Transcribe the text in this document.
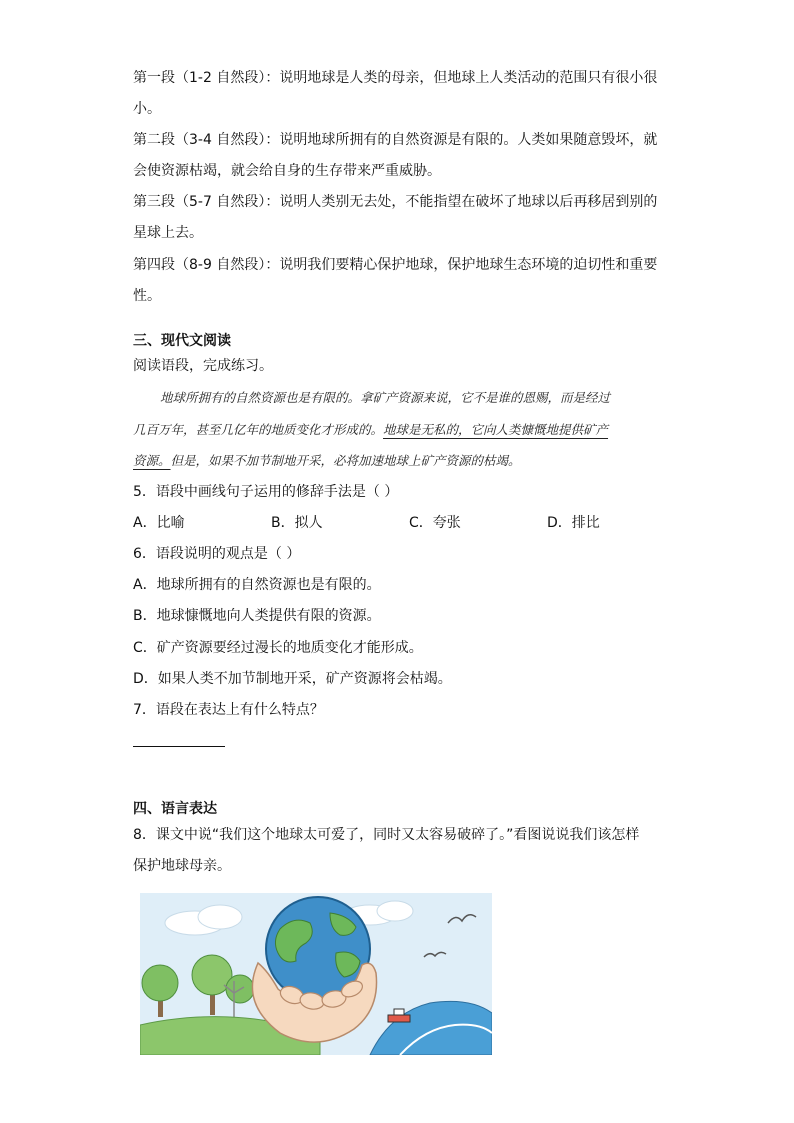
第一段（1-2 自然段）：说明地球是人类的母亲，但地球上人类活动的范围只有很小很
小。
第二段（3-4 自然段）：说明地球所拥有的自然资源是有限的。人类如果随意毁坏，就
会使资源枯竭，就会给自身的生存带来严重威胁。
第三段（5-7 自然段）：说明人类别无去处，不能指望在破坏了地球以后再移居到别的
星球上去。
第四段（8-9 自然段）：说明我们要精心保护地球，保护地球生态环境的迫切性和重要
性。
三、现代文阅读
阅读语段，完成练习。
地球所拥有的自然资源也是有限的。拿矿产资源来说，它不是谁的恩赐，而是经过
几百万年，甚至几亿年的地质变化才形成的。地球是无私的，它向人类慷慨地提供矿产
资源。但是，如果不加节制地开采，必将加速地球上矿产资源的枯竭。
5．语段中画线句子运用的修辞手法是（ ）
A．比喻	B．拟人	C．夸张	D．排比
6．语段说明的观点是（ ）
A．地球所拥有的自然资源也是有限的。
B．地球慷慨地向人类提供有限的资源。
C．矿产资源要经过漫长的地质变化才能形成。
D．如果人类不加节制地开采，矿产资源将会枯竭。
7．语段在表达上有什么特点？
四、语言表达
8．课文中说“我们这个地球太可爱了，同时又太容易破碎了。”看图说说我们该怎样
保护地球母亲。
